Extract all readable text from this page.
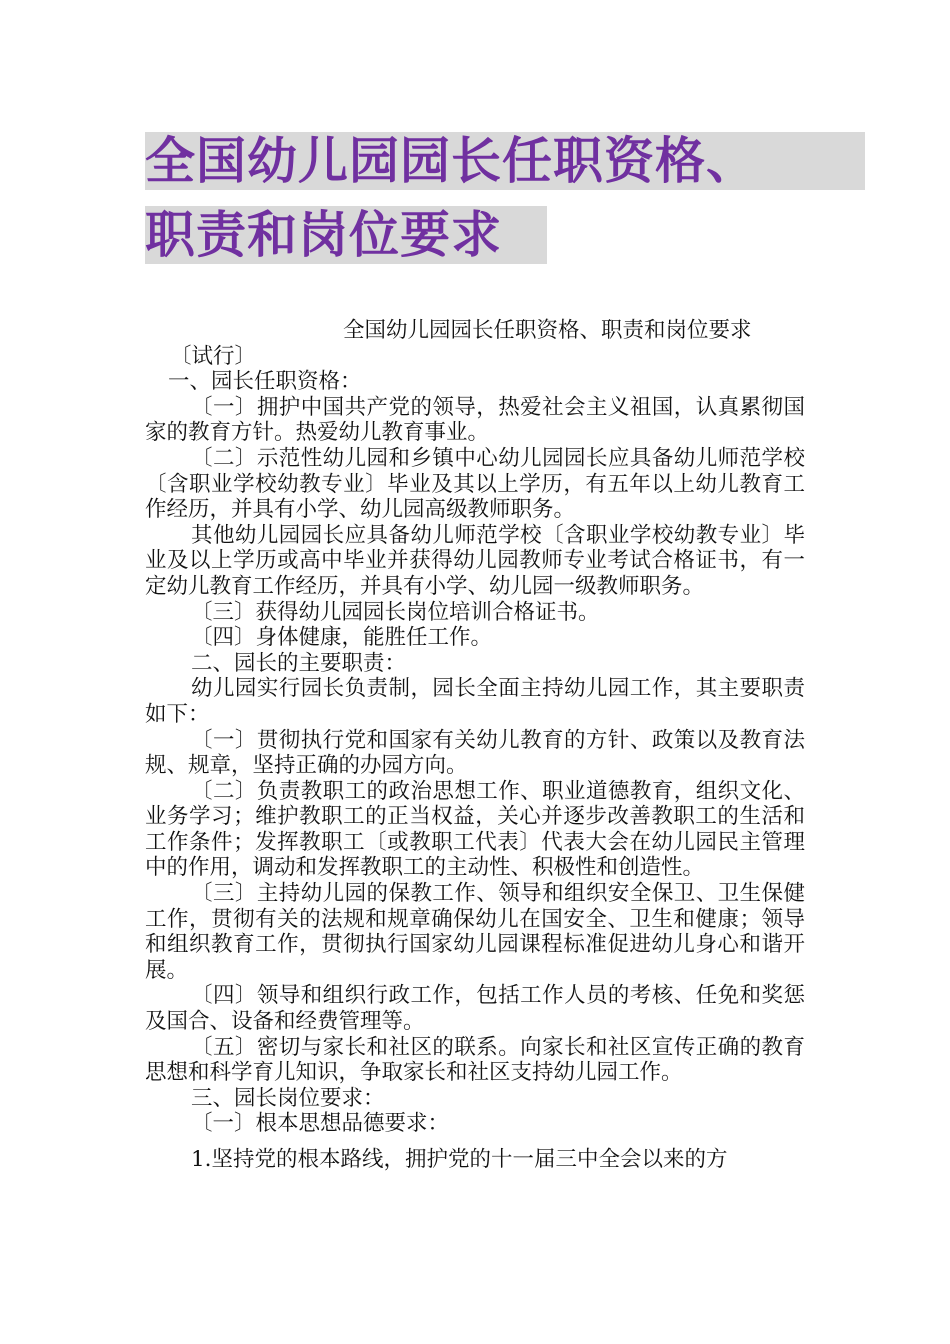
全国幼儿园园长任职资格、
职责和岗位要求

全国幼儿园园长任职资格、职责和岗位要求

〔试行〕

一、园长任职资格：

〔一〕拥护中国共产党的领导，热爱社会主义祖国，认真累彻国家的教育方针。热爱幼儿教育事业。

〔二〕示范性幼儿园和乡镇中心幼儿园园长应具备幼儿师范学校〔含职业学校幼教专业〕毕业及其以上学历，有五年以上幼儿教育工作经历，并具有小学、幼儿园高级教师职务。

其他幼儿园园长应具备幼儿师范学校〔含职业学校幼教专业〕毕业及以上学历或高中毕业并获得幼儿园教师专业考试合格证书，有一定幼儿教育工作经历，并具有小学、幼儿园一级教师职务。

〔三〕获得幼儿园园长岗位培训合格证书。

〔四〕身体健康，能胜任工作。

二、园长的主要职责：

幼儿园实行园长负责制，园长全面主持幼儿园工作，其主要职责如下：

〔一〕贯彻执行党和国家有关幼儿教育的方针、政策以及教育法规、规章，坚持正确的办园方向。

〔二〕负责教职工的政治思想工作、职业道德教育，组织文化、业务学习；维护教职工的正当权益，关心并逐步改善教职工的生活和工作条件；发挥教职工〔或教职工代表〕代表大会在幼儿园民主管理中的作用，调动和发挥教职工的主动性、积极性和创造性。

〔三〕主持幼儿园的保教工作、领导和组织安全保卫、卫生保健工作，贯彻有关的法规和规章确保幼儿在国安全、卫生和健康；领导和组织教育工作，贯彻执行国家幼儿园课程标准促进幼儿身心和谐开展。

〔四〕领导和组织行政工作，包括工作人员的考核、任免和奖惩及国合、设备和经费管理等。

〔五〕密切与家长和社区的联系。向家长和社区宣传正确的教育思想和科学育儿知识，争取家长和社区支持幼儿园工作。

三、园长岗位要求：

〔一〕根本思想品德要求：

1.坚持党的根本路线，拥护党的十一届三中全会以来的方
